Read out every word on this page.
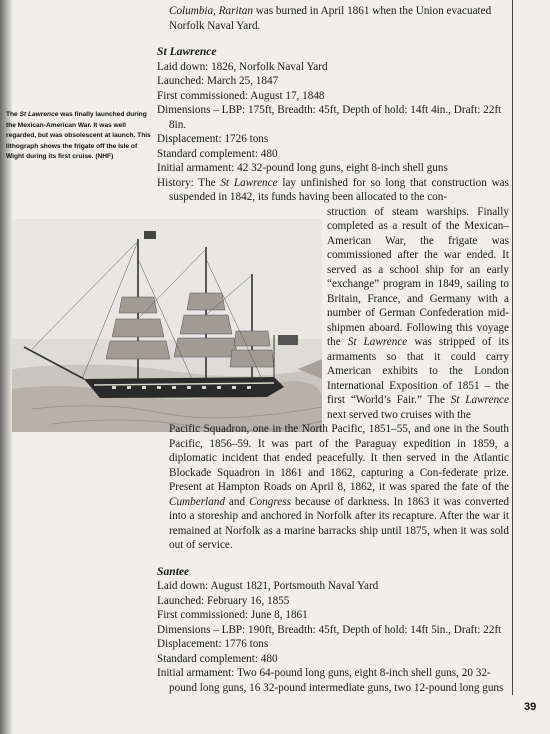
The St Lawrence was finally launched during the Mexican-American War. It was well regarded, but was obsolescent at launch. This lithograph shows the frigate off the Isle of Wight during its first cruise. (NHF)

Columbia, Raritan was burned in April 1861 when the Union evacuated Norfolk Naval Yard.

St Lawrence

Laid down: 1826, Norfolk Naval Yard

Launched: March 25, 1847

First commissioned: August 17, 1848

Dimensions – LBP: 175ft, Breadth: 45ft, Depth of hold: 14ft 4in., Draft: 22ft 8in.

Displacement: 1726 tons

Standard complement: 480

Initial armament: 42 32-pound long guns, eight 8-inch shell guns

History: The St Lawrence lay unfinished for so long that construction was suspended in 1842, its funds having been allocated to the con-

struction of steam warships. Finally completed as a result of the Mexican–American War, the frigate was commissioned after the war ended. It served as a school ship for an early “exchange” program in 1849, sailing to Britain, France, and Germany with a number of German Confederation mid-shipmen aboard. Following this voyage the St Lawrence was stripped of its armaments so that it could carry American exhibits to the London International Exposition of 1851 – the first “World’s Fair.” The St Lawrence next served two cruises with the

Pacific Squadron, one in the North Pacific, 1851–55, and one in the South Pacific, 1856–59. It was part of the Paraguay expedition in 1859, a diplomatic incident that ended peacefully. It then served in the Atlantic Blockade Squadron in 1861 and 1862, capturing a Con-federate prize. Present at Hampton Roads on April 8, 1862, it was spared the fate of the Cumberland and Congress because of darkness. In 1863 it was converted into a storeship and anchored in Norfolk after its recapture. After the war it remained at Norfolk as a marine barracks ship until 1875, when it was sold out of service.

Santee

Laid down: August 1821, Portsmouth Naval Yard

Launched: February 16, 1855

First commissioned: June 8, 1861

Dimensions – LBP: 190ft, Breadth: 45ft, Depth of hold: 14ft 5in., Draft: 22ft

Displacement: 1776 tons

Standard complement: 480

Initial armament: Two 64-pound long guns, eight 8-inch shell guns, 20 32-pound long guns, 16 32-pound intermediate guns, two 12-pound long guns

39
